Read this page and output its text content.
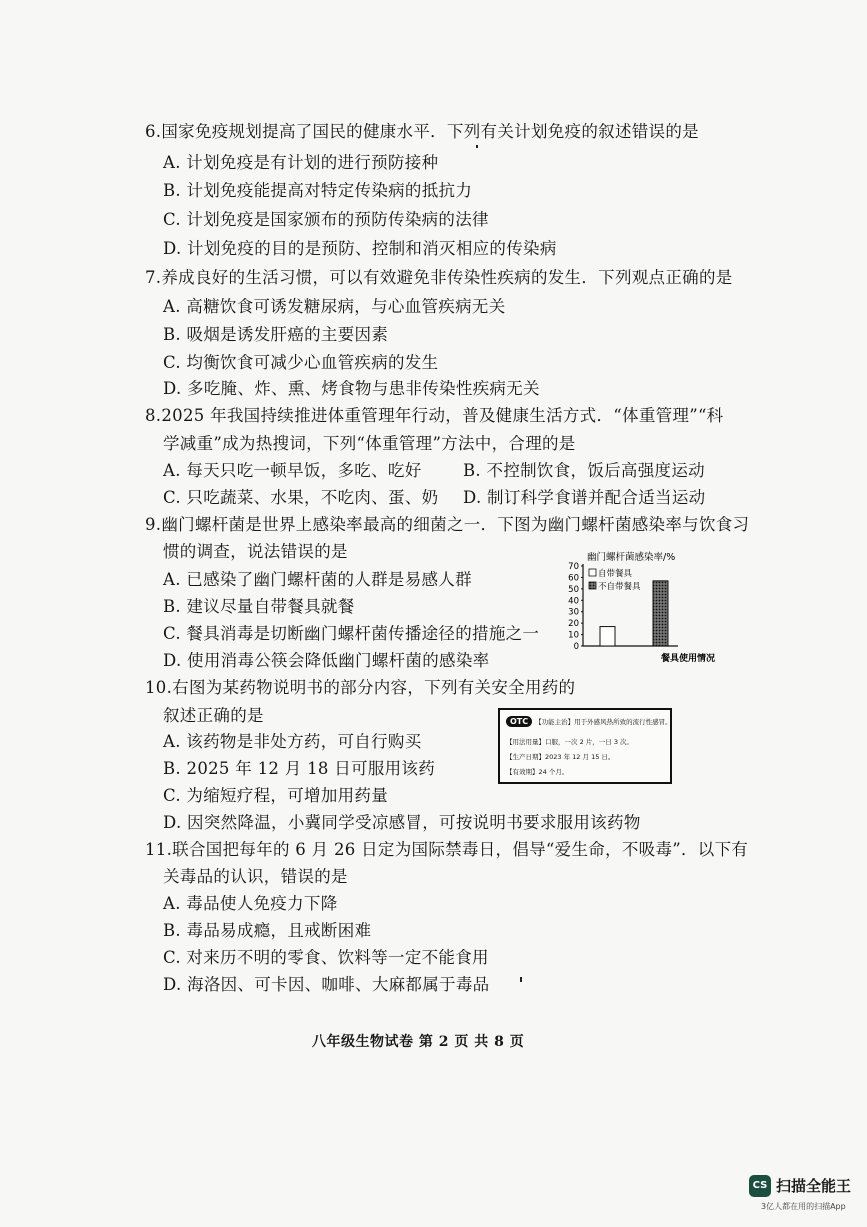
6.国家免疫规划提高了国民的健康水平．下列有关计划免疫的叙述错误的是
A. 计划免疫是有计划的进行预防接种
B. 计划免疫能提高对特定传染病的抵抗力
C. 计划免疫是国家颁布的预防传染病的法律
D. 计划免疫的目的是预防、控制和消灭相应的传染病
7.养成良好的生活习惯，可以有效避免非传染性疾病的发生．下列观点正确的是
A. 高糖饮食可诱发糖尿病，与心血管疾病无关
B. 吸烟是诱发肝癌的主要因素
C. 均衡饮食可减少心血管疾病的发生
D. 多吃腌、炸、熏、烤食物与患非传染性疾病无关
8.2025 年我国持续推进体重管理年行动，普及健康生活方式．“体重管理”“科
学减重”成为热搜词，下列“体重管理”方法中，合理的是
A. 每天只吃一顿早饭，多吃、吃好	B. 不控制饮食，饭后高强度运动
C. 只吃蔬菜、水果，不吃肉、蛋、奶 D. 制订科学食谱并配合适当运动
9.幽门螺杆菌是世界上感染率最高的细菌之一．下图为幽门螺杆菌感染率与饮食习
惯的调查，说法错误的是
A. 已感染了幽门螺杆菌的人群是易感人群
B. 建议尽量自带餐具就餐
C. 餐具消毒是切断幽门螺杆菌传播途径的措施之一
D. 使用消毒公筷会降低幽门螺杆菌的感染率
幽门螺杆菌感染率/%
0
10
20
30
40
50
60
70
自带餐具
不自带餐具
餐具使用情况
10.右图为某药物说明书的部分内容，下列有关安全用药的
叙述正确的是
A. 该药物是非处方药，可自行购买
B. 2025 年 12 月 18 日可服用该药
C. 为缩短疗程，可增加用药量
D. 因突然降温，小冀同学受凉感冒，可按说明书要求服用该药物
OTC 【功能主治】用于外感风热所致的流行性感冒。
【用法用量】口服，一次 2 片，一日 3 次。
【生产日期】2023 年 12 月 15 日。
【有效期】24 个月。
11.联合国把每年的 6 月 26 日定为国际禁毒日，倡导“爱生命，不吸毒”．以下有
关毒品的认识，错误的是
A. 毒品使人免疫力下降
B. 毒品易成瘾，且戒断困难
C. 对来历不明的零食、饮料等一定不能食用
D. 海洛因、可卡因、咖啡、大麻都属于毒品
八年级生物试卷 第 2 页 共 8 页
CS 扫描全能王
3亿人都在用的扫描App
